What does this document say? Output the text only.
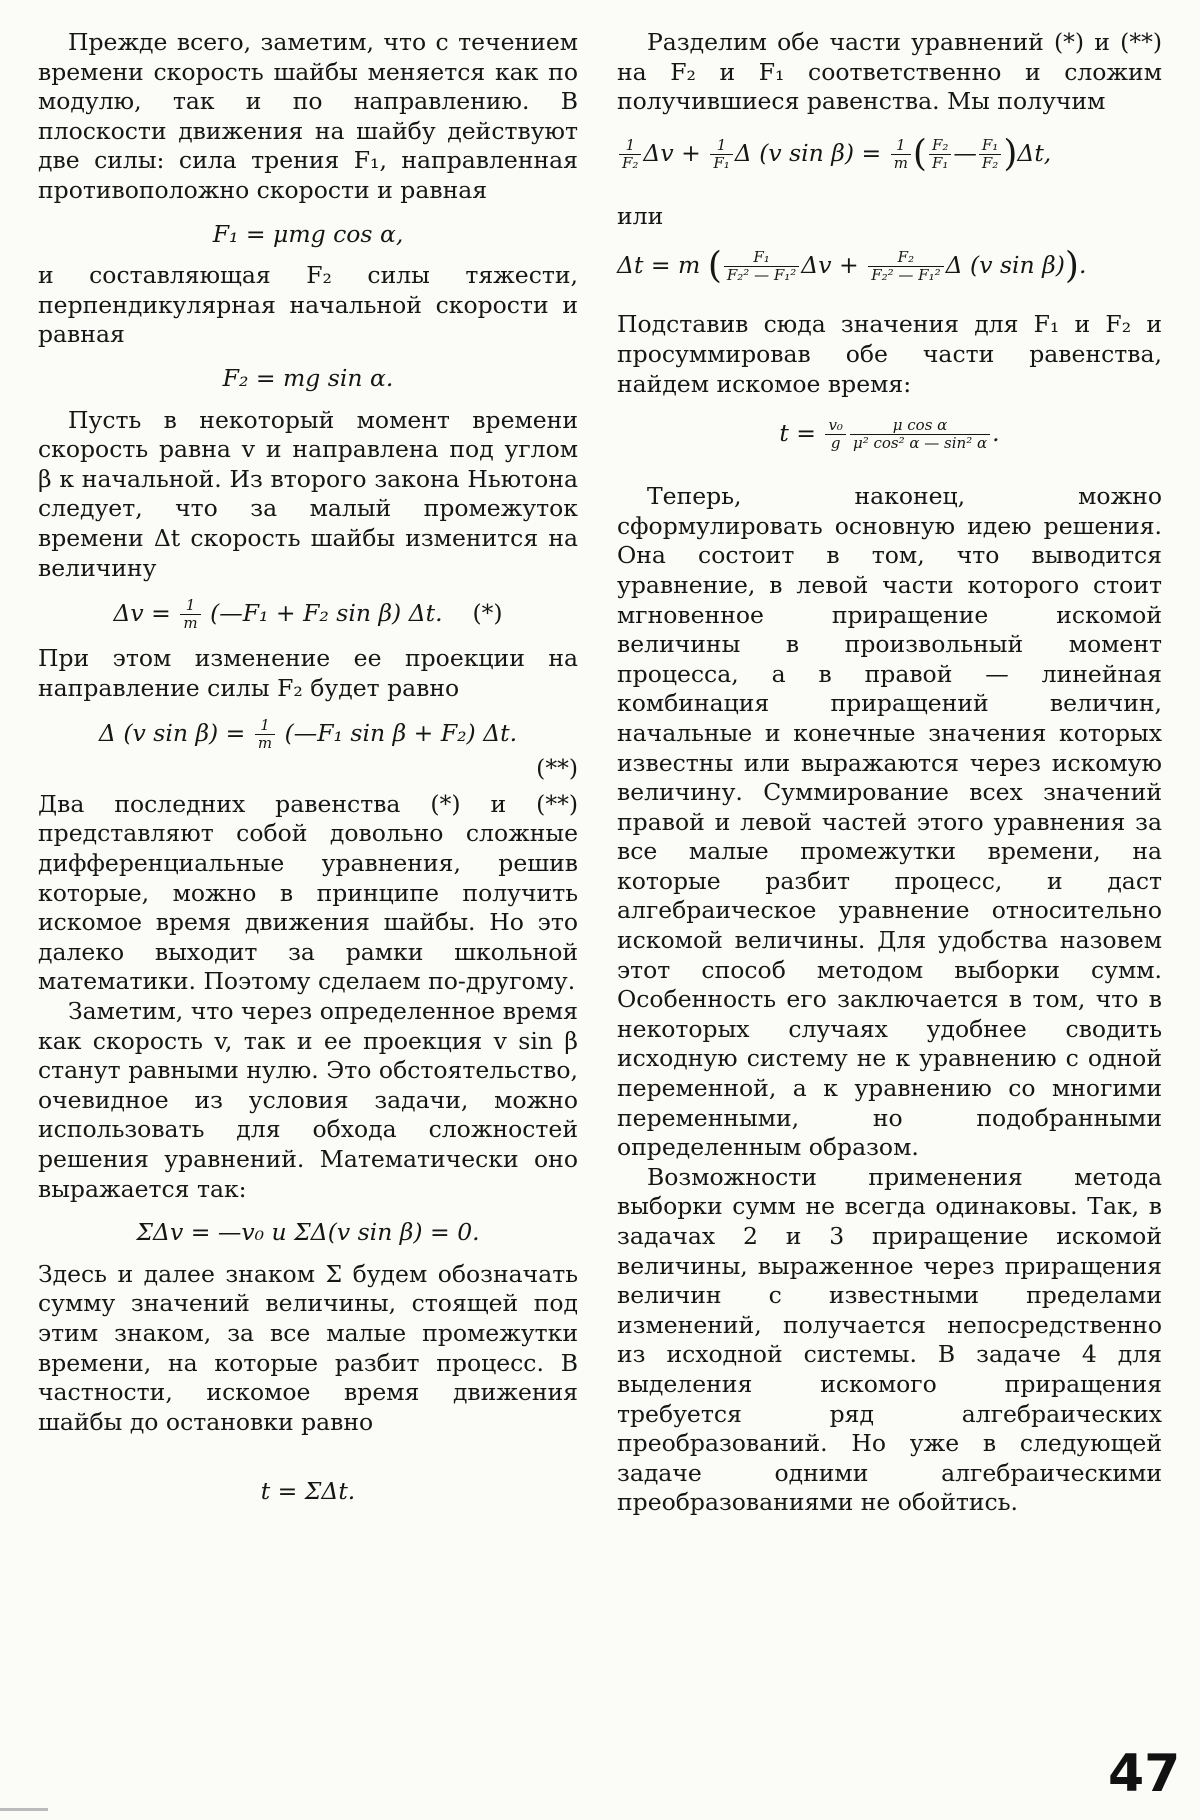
Прежде всего, заметим, что с течением времени скорость шайбы меняется как по модулю, так и по направлению. В плоскости движения на шайбу действуют две силы: сила трения F₁, направленная противоположно скорости и равная

F₁ = μmg cos α,

и составляющая F₂ силы тяжести, перпендикулярная начальной скорости и равная

F₂ = mg sin α.

Пусть в некоторый момент времени скорость равна v и направлена под углом β к начальной. Из второго закона Ньютона следует, что за малый промежуток времени Δt скорость шайбы изменится на величину

$\Delta v = \frac{1}{m}$ (—F₁ + F₂ sin β) Δt. (*)

При этом изменение ее проекции на направление силы F₂ будет равно

Δ (v $\sin \beta) = \frac{1}{m}$ (—F₁ sin β + F₂) Δt.
(**)

Два последних равенства (*) и (**) представляют собой довольно сложные дифференциальные уравнения, решив которые, можно в принципе получить искомое время движения шайбы. Но это далеко выходит за рамки школьной математики. Поэтому сделаем по-другому.

Заметим, что через определенное время как скорость v, так и ее проекция v sin β станут равными нулю. Это обстоятельство, очевидное из условия задачи, можно использовать для обхода сложностей решения уравнений. Математически оно выражается так:

ΣΔv = —v₀ и ΣΔ(v sin β) = 0.

Здесь и далее знаком Σ будем обозначать сумму значений величины, стоящей под этим знаком, за все малые промежутки времени, на которые разбит процесс. В частности, искомое время движения шайбы до остановки равно

t = ΣΔt.

Разделим обе части уравнений (*) и (**) на F₂ и F₁ соответственно и сложим получившиеся равенства. Мы получим

$\frac{1}{\text{F₂}}$ $\Delta v + \frac{1}{\text{F₁}}$ Δ (v $\sin \beta) = \frac{1}{m}$ ( $\frac{\text{F₂}}{\text{F₁}}$ — $\frac{\text{F₁}}{\text{F₂}} )\Delta t$,

или

Δt = m ( $\frac{\text{F₁}}{\text{F₂² — F₁²}}$ $\Delta v + \frac{\text{F₂}}{\text{F₂² — F₁²}}$ Δ (v sin β)).

Подставив сюда значения для F₁ и F₂ и просуммировав обе части равенства, найдем искомое время:

$t = \frac{\text{v₀}}{g} \frac{\text{μ cos α}}{\text{μ² cos² α — sin² α}}$ .

Теперь, наконец, можно сформулировать основную идею решения. Она состоит в том, что выводится уравнение, в левой части которого стоит мгновенное приращение искомой величины в произвольный момент процесса, а в правой — линейная комбинация приращений величин, начальные и конечные значения которых известны или выражаются через искомую величину. Суммирование всех значений правой и левой частей этого уравнения за все малые промежутки времени, на которые разбит процесс, и даст алгебраическое уравнение относительно искомой величины. Для удобства назовем этот способ методом выборки сумм. Особенность его заключается в том, что в некоторых случаях удобнее сводить исходную систему не к уравнению с одной переменной, а к уравнению со многими переменными, но подобранными определенным образом.

Возможности применения метода выборки сумм не всегда одинаковы. Так, в задачах 2 и 3 приращение искомой величины, выраженное через приращения величин с известными пределами изменений, получается непосредственно из исходной системы. В задаче 4 для выделения искомого приращения требуется ряд алгебраических преобразований. Но уже в следующей задаче одними алгебраическими преобразованиями не обойтись.

47
